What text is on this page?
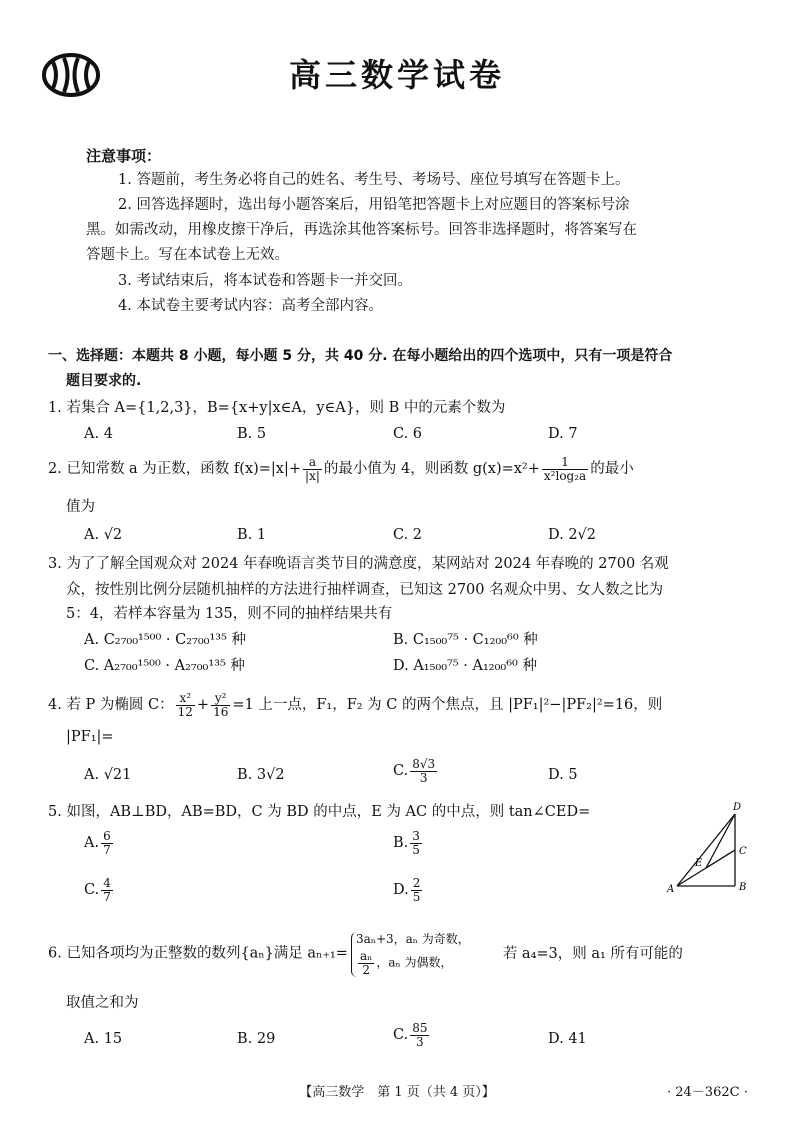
高三数学试卷
注意事项：
1. 答题前，考生务必将自己的姓名、考生号、考场号、座位号填写在答题卡上。
2. 回答选择题时，选出每小题答案后，用铅笔把答题卡上对应题目的答案标号涂
黑。如需改动，用橡皮擦干净后，再选涂其他答案标号。回答非选择题时，将答案写在
答题卡上。写在本试卷上无效。
3. 考试结束后，将本试卷和答题卡一并交回。
4. 本试卷主要考试内容：高考全部内容。
一、选择题：本题共 8 小题，每小题 5 分，共 40 分. 在每小题给出的四个选项中，只有一项是符合
题目要求的.
1. 若集合 A={1,2,3}，B={x+y|x∈A，y∈A}，则 B 中的元素个数为
A. 4	B. 5	C. 6	D. 7
2. 已知常数 a 为正数，函数 $f(x)=|x|+ \frac{a}{|x|}$ 的最小值为 4，则函数 $g(x)=x^2+ \frac{1}{\text{x²log₂a}}$ 的最小
值为
A. √2	B. 1	C. 2	D. 2√2
3. 为了了解全国观众对 2024 年春晚语言类节目的满意度，某网站对 2024 年春晚的 2700 名观
众，按性别比例分层随机抽样的方法进行抽样调查，已知这 2700 名观众中男、女人数之比为
5：4，若样本容量为 135，则不同的抽样结果共有
A. C₂₇₀₀¹⁵⁰⁰ · C₂₇₀₀¹³⁵ 种	B. C₁₅₀₀⁷⁵ · C₁₂₀₀⁶⁰ 种
C. A₂₇₀₀¹⁵⁰⁰ · A₂₇₀₀¹³⁵ 种	D. A₁₅₀₀⁷⁵ · A₁₂₀₀⁶⁰ 种
4. 若 P 为椭圆 C： $\frac{\text{x²}}{12} + \frac{\text{y²}}{16} =1$ 上一点，F₁，F₂ 为 C 的两个焦点，且 |PF₁|²−|PF₂|²=16，则
|PF₁|=
A. √21	B. 3√2	C. $\frac{8√3}{3}$	D. 5
5. 如图，AB⊥BD，AB=BD，C 为 BD 的中点，E 为 AC 的中点，则 tan∠CED=
A. $\frac{6}{7}$	B. $\frac{3}{5}$
C. $\frac{4}{7}$	D. $\frac{2}{5}$	A	B
C
D
E
6. 已知各项均为正整数的数列{aₙ}满足 aₙ₊₁=
3aₙ+3，aₙ 为奇数，
$\frac{\text{aₙ}}{2}$ ，aₙ 为偶数，
若 a₄=3，则 a₁ 所有可能的
取值之和为
A. 15	B. 29	C. $\frac{85}{3}$	D. 41
【高三数学　第 1 页（共 4 页）】	· 24－362C ·
